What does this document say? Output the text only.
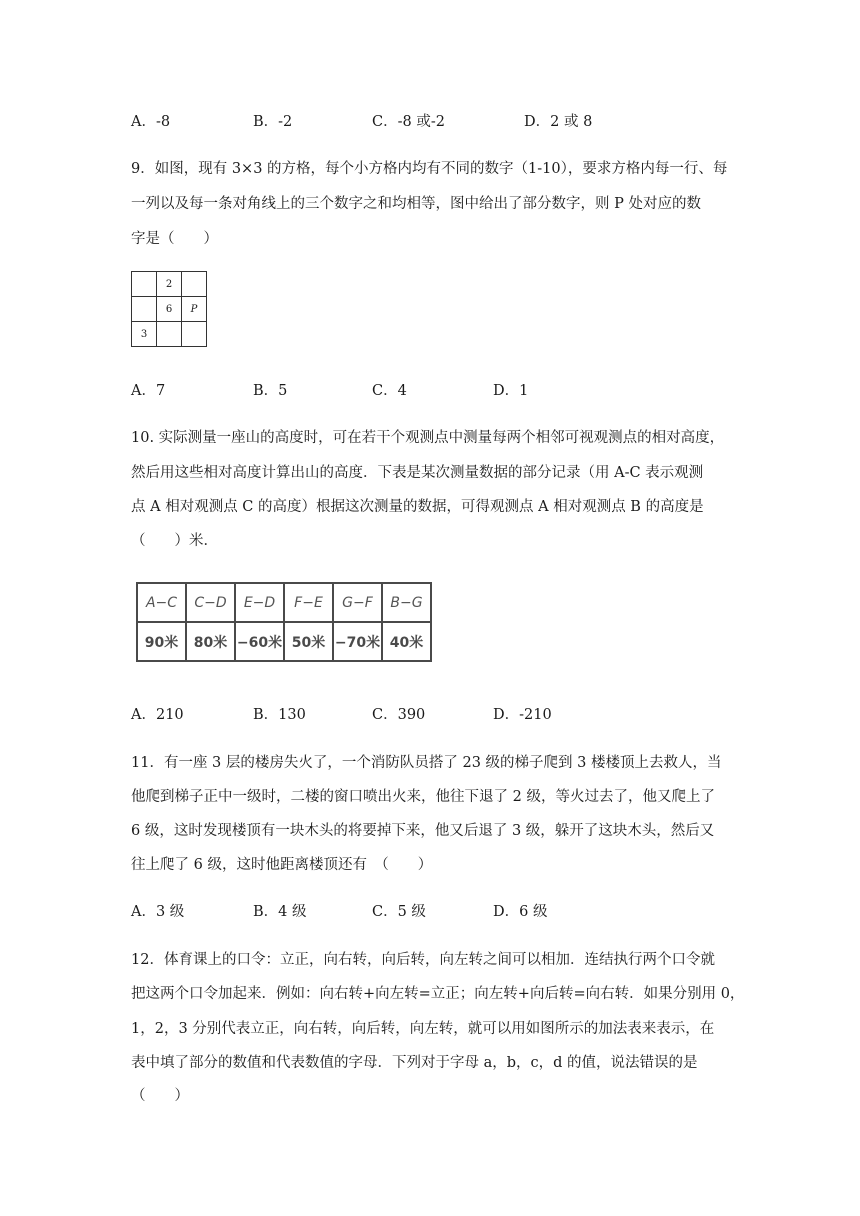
A．-8	B．-2	C．-8 或-2	D．2 或 8
9．如图，现有 3×3 的方格，每个小方格内均有不同的数字（1-10），要求方格内每一行、每
一列以及每一条对角线上的三个数字之和均相等，图中给出了部分数字，则 P 处对应的数
字是（　　）
	2	
	6	P
3		
A．7	B．5	C．4	D．1
10. 实际测量一座山的高度时，可在若干个观测点中测量每两个相邻可视观测点的相对高度，
然后用这些相对高度计算出山的高度．下表是某次测量数据的部分记录（用 A-C 表示观测
点 A 相对观测点 C 的高度）根据这次测量的数据，可得观测点 A 相对观测点 B 的高度是
（　　）米．
A−C	C−D	E−D	F−E	G−F	B−G
90米	80米	−60米	50米	−70米	40米
A．210	B．130	C．390	D．-210
11．有一座 3 层的楼房失火了，一个消防队员搭了 23 级的梯子爬到 3 楼楼顶上去救人，当
他爬到梯子正中一级时，二楼的窗口喷出火来，他往下退了 2 级，等火过去了，他又爬上了
6 级，这时发现楼顶有一块木头的将要掉下来，他又后退了 3 级，躲开了这块木头，然后又
往上爬了 6 级，这时他距离楼顶还有　（　　）
A．3 级	B．4 级	C．5 级	D．6 级
12．体育课上的口令：立正，向右转，向后转，向左转之间可以相加．连结执行两个口令就
把这两个口令加起来．例如：向右转+向左转=立正；向左转+向后转=向右转．如果分别用 0，
1，2，3 分别代表立正，向右转，向后转，向左转，就可以用如图所示的加法表来表示，在
表中填了部分的数值和代表数值的字母．下列对于字母 a，b，c，d 的值，说法错误的是
（　　）
